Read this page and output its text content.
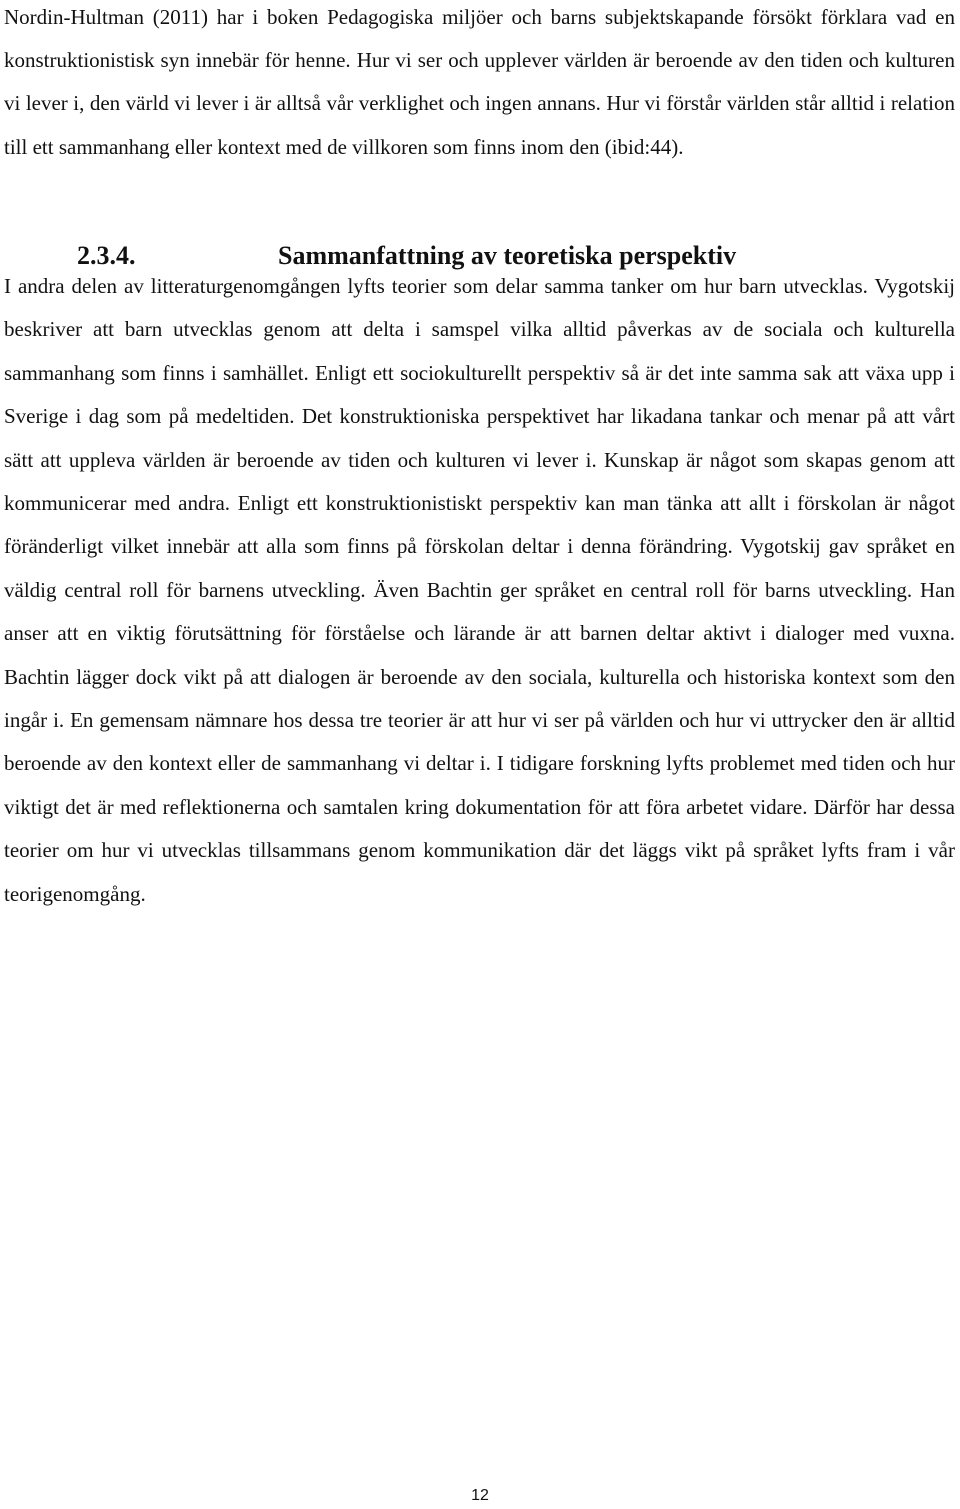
Nordin-Hultman (2011) har i boken Pedagogiska miljöer och barns subjektskapande försökt förklara vad en konstruktionistisk syn innebär för henne. Hur vi ser och upplever världen är beroende av den tiden och kulturen vi lever i, den värld vi lever i är alltså vår verklighet och ingen annans. Hur vi förstår världen står alltid i relation till ett sammanhang eller kontext med de villkoren som finns inom den (ibid:44).

2.3.4.	Sammanfattning av teoretiska perspektiv

I andra delen av litteraturgenomgången lyfts teorier som delar samma tanker om hur barn utvecklas. Vygotskij beskriver att barn utvecklas genom att delta i samspel vilka alltid påverkas av de sociala och kulturella sammanhang som finns i samhället. Enligt ett sociokulturellt perspektiv så är det inte samma sak att växa upp i Sverige i dag som på medeltiden. Det konstruktioniska perspektivet har likadana tankar och menar på att vårt sätt att uppleva världen är beroende av tiden och kulturen vi lever i. Kunskap är något som skapas genom att kommunicerar med andra. Enligt ett konstruktionistiskt perspektiv kan man tänka att allt i förskolan är något föränderligt vilket innebär att alla som finns på förskolan deltar i denna förändring. Vygotskij gav språket en väldig central roll för barnens utveckling. Även Bachtin ger språket en central roll för barns utveckling. Han anser att en viktig förutsättning för förståelse och lärande är att barnen deltar aktivt i dialoger med vuxna. Bachtin lägger dock vikt på att dialogen är beroende av den sociala, kulturella och historiska kontext som den ingår i. En gemensam nämnare hos dessa tre teorier är att hur vi ser på världen och hur vi uttrycker den är alltid beroende av den kontext eller de sammanhang vi deltar i. I tidigare forskning lyfts problemet med tiden och hur viktigt det är med reflektionerna och samtalen kring dokumentation för att föra arbetet vidare. Därför har dessa teorier om hur vi utvecklas tillsammans genom kommunikation där det läggs vikt på språket lyfts fram i vår teorigenomgång.

12
